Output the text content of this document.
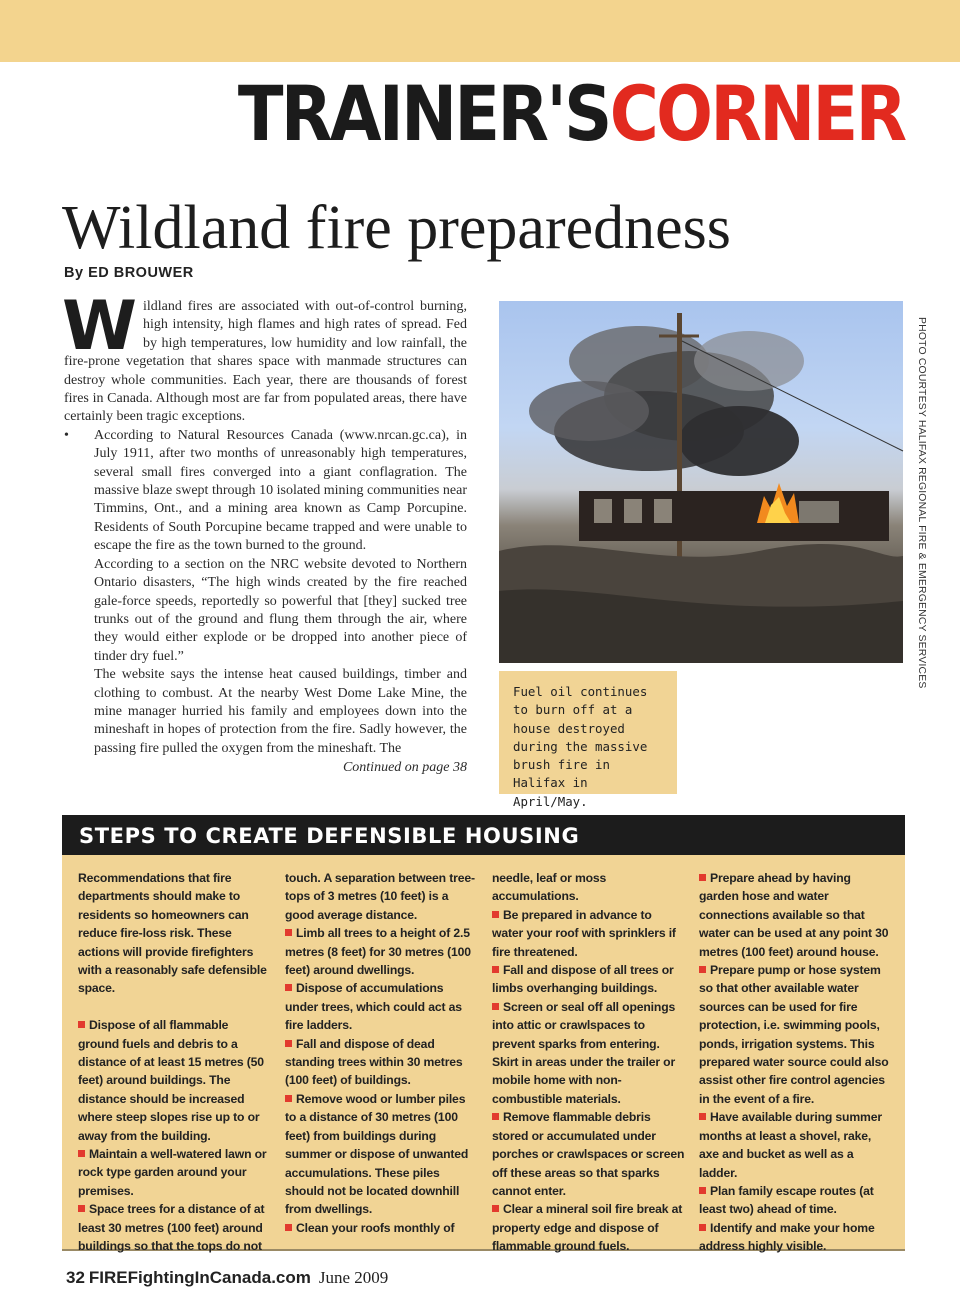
TRAINER'SCORNER
Wildland fire preparedness
By ED BROUWER

Wildland fires are associated with out-of-control burning, high intensity, high flames and high rates of spread. Fed by high temperatures, low humidity and low rainfall, the fire-prone vegetation that shares space with manmade structures can destroy whole communities. Each year, there are thousands of forest fires in Canada. Although most are far from populated areas, there have certainly been tragic exceptions.

• According to Natural Resources Canada (www.nrcan.gc.ca), in July 1911, after two months of unreasonably high temperatures, several small fires converged into a giant conflagration. The massive blaze swept through 10 isolated mining communities near Timmins, Ont., and a mining area known as Camp Porcupine. Residents of South Porcupine became trapped and were unable to escape the fire as the town burned to the ground.

According to a section on the NRC website devoted to Northern Ontario disasters, “The high winds created by the fire reached gale-force speeds, reportedly so powerful that [they] sucked tree trunks out of the ground and flung them through the air, where they would either explode or be dropped into another piece of tinder dry fuel.”

The website says the intense heat caused buildings, timber and clothing to combust. At the nearby West Dome Lake Mine, the mine manager hurried his family and employees down into the mineshaft in hopes of protection from the fire. Sadly however, the passing fire pulled the oxygen from the mineshaft. The

Continued on page 38

Fuel oil continues to burn off at a house destroyed during the massive brush fire in Halifax in April/May.
PHOTO COURTESY HALIFAX REGIONAL FIRE & EMERGENCY SERVICES
STEPS TO CREATE DEFENSIBLE HOUSING

Recommendations that fire departments should make to residents so homeowners can reduce fire-loss risk. These actions will provide firefighters with a reasonably safe defensible space.

Dispose of all flammable ground fuels and debris to a distance of at least 15 metres (50 feet) around buildings. The distance should be increased where steep slopes rise up to or away from the building.

Maintain a well-watered lawn or rock type garden around your premises.

Space trees for a distance of at least 30 metres (100 feet) around buildings so that the tops do not

touch. A separation between tree-tops of 3 metres (10 feet) is a good average distance.

Limb all trees to a height of 2.5 metres (8 feet) for 30 metres (100 feet) around dwellings.

Dispose of accumulations under trees, which could act as fire ladders.

Fall and dispose of dead standing trees within 30 metres (100 feet) of buildings.

Remove wood or lumber piles to a distance of 30 metres (100 feet) from buildings during summer or dispose of unwanted accumulations. These piles should not be located downhill from dwellings.

Clean your roofs monthly of

needle, leaf or moss accumulations.

Be prepared in advance to water your roof with sprinklers if fire threatened.

Fall and dispose of all trees or limbs overhanging buildings.

Screen or seal off all openings into attic or crawlspaces to prevent sparks from entering. Skirt in areas under the trailer or mobile home with non-combustible materials.

Remove flammable debris stored or accumulated under porches or crawlspaces or screen off these areas so that sparks cannot enter.

Clear a mineral soil fire break at property edge and dispose of flammable ground fuels.

Prepare ahead by having garden hose and water connections available so that water can be used at any point 30 metres (100 feet) around house.

Prepare pump or hose system so that other available water sources can be used for fire protection, i.e. swimming pools, ponds, irrigation systems. This prepared water source could also assist other fire control agencies in the event of a fire.

Have available during summer months at least a shovel, rake, axe and bucket as well as a ladder.

Plan family escape routes (at least two) ahead of time.

Identify and make your home address highly visible.

32 FIREFightingInCanada.com June 2009
